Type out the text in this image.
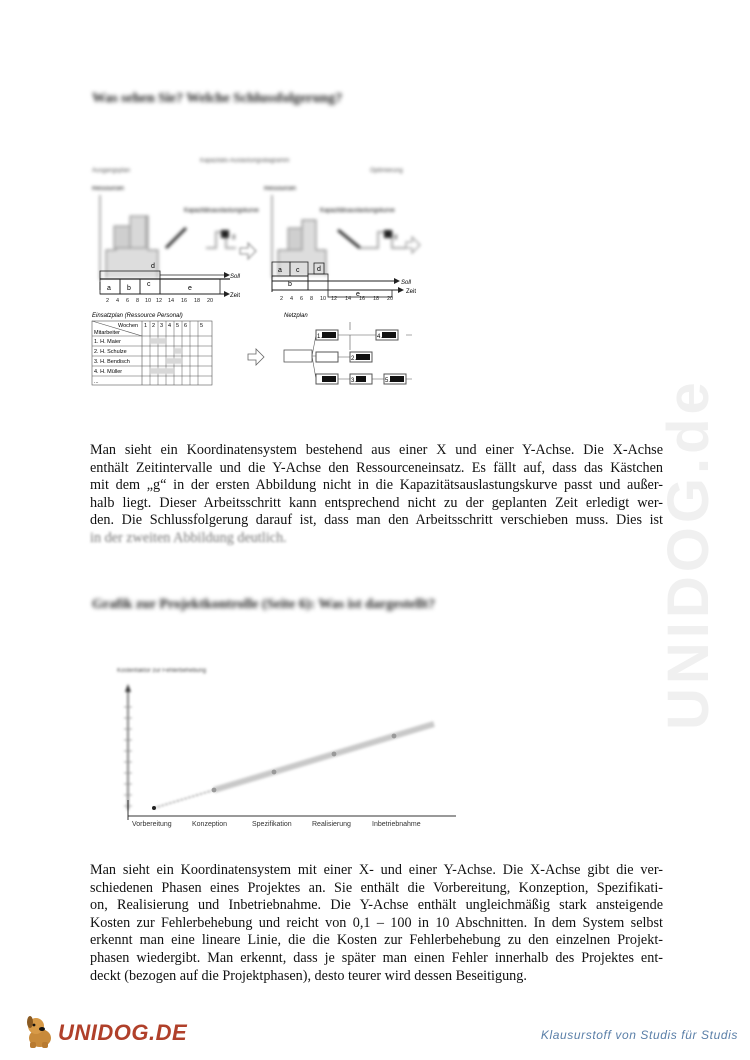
UNIDOG.de
Was sehen Sie? Welche Schlussfolgerung?
Kapazitäts-Auslastungsdiagramm
Ausgangsplan	Optimierung
Ressourcen
Kapazitätsauslastungskurve
g
d
a b
c
e
Soll
Zeit
2 4 6 8 10 12 14 16 18 20
Ressourcen
Kapazitätsauslastungskurve
g
a c
b
d
Soll
e	Zeit
2 4 6 8 10 12 14 16 18 20
Einsatzplan (Ressource Personal)
Wochen 1 2 3 4 5 6 5
Mitarbeiter
1. H. Maier
2. H. Schulze
3. H. Bendisch
4. H. Müller
...
Netzplan
1.
2.
3.
4.
5.

Man sieht ein Koordinatensystem bestehend aus einer X und einer Y-Achse. Die X-Achse
enthält Zeitintervalle und die Y-Achse den Ressourceneinsatz. Es fällt auf, dass das Kästchen
mit dem „g“ in der ersten Abbildung nicht in die Kapazitätsauslastungskurve passt und außer-
halb liegt. Dieser Arbeitsschritt kann entsprechend nicht zu der geplanten Zeit erledigt wer-
den. Die Schlussfolgerung darauf ist, dass man den Arbeitsschritt verschieben muss. Dies ist
in der zweiten Abbildung deutlich.

Grafik zur Projektkontrolle (Seite 6): Was ist dargestellt?
Kostenfaktor zur Fehlerbehebung
Vorbereitung	Konzeption	Spezifikation	Realisierung	Inbetriebnahme

Man sieht ein Koordinatensystem mit einer X- und einer Y-Achse. Die X-Achse gibt die ver-
schiedenen Phasen eines Projektes an. Sie enthält die Vorbereitung, Konzeption, Spezifikati-
on, Realisierung und Inbetriebnahme. Die Y-Achse enthält ungleichmäßig stark ansteigende
Kosten zur Fehlerbehebung und reicht von 0,1 – 100 in 10 Abschnitten. In dem System selbst
erkennt man eine lineare Linie, die die Kosten zur Fehlerbehebung zu den einzelnen Projekt-
phasen wiedergibt. Man erkennt, dass je später man einen Fehler innerhalb des Projektes ent-
deckt (bezogen auf die Projektphasen), desto teurer wird dessen Beseitigung.

UNIDOG.DE	Klausurstoff von Studis für Studis
